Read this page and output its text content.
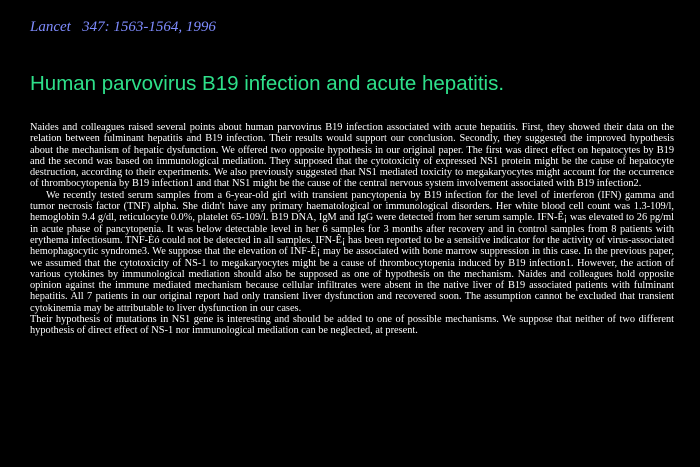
Lancet   347: 1563-1564, 1996
Human parvovirus B19 infection and acute hepatitis.

Naides and colleagues raised several points about human parvovirus B19 infection associated with acute hepatitis. First, they showed their data on the relation between fulminant hepatitis and B19 infection. Their results would support our conclusion. Secondly, they suggested the improved hypothesis about the mechanism of hepatic dysfunction. We offered two opposite hypothesis in our original paper. The first was direct effect on hepatocytes by B19 and the second was based on immunological mediation. They supposed that the cytotoxicity of expressed NS1 protein might be the cause of hepatocyte destruction, according to their experiments. We also previously suggested that NS1 mediated toxicity to megakaryocytes might account for the occurrence of thrombocytopenia by B19 infection1 and that NS1 might be the cause of the central nervous system involvement associated with B19 infection2.

We recently tested serum samples from a 6-year-old girl with transient pancytopenia by B19 infection for the level of interferon (IFN) gamma and tumor necrosis factor (TNF) alpha. She didn't have any primary haematological or immunological disorders. Her white blood cell count was 1.3-109/l, hemoglobin 9.4 g/dl, reticulocyte 0.0%, platelet 65-109/l. B19 DNA, IgM and IgG were detected from her serum sample. IFN-Ê¡ was elevated to 26 pg/ml in acute phase of pancytopenia. It was below detectable level in her 6 samples for 3 months after recovery and in control samples from 8 patients with erythema infectiosum. TNF-Èó could not be detected in all samples. IFN-Ê¡ has been reported to be a sensitive indicator for the activity of virus-associated hemophagocytic syndrome3. We suppose that the elevation of INF-Ê¡ may be associated with bone marrow suppression in this case. In the previous paper, we assumed that the cytotoxicity of NS-1 to megakaryocytes might be a cause of thrombocytopenia induced by B19 infection1. However, the action of various cytokines by immunological mediation should also be supposed as one of hypothesis on the mechanism. Naides and colleagues hold opposite opinion against the immune mediated mechanism because cellular infiltrates were absent in the native liver of B19 associated patients with fulminant hepatitis. All 7 patients in our original report had only transient liver dysfunction and recovered soon. The assumption cannot be excluded that transient cytokinemia may be attributable to liver dysfunction in our cases.

Their hypothesis of mutations in NS1 gene is interesting and should be added to one of possible mechanisms. We suppose that neither of two different hypothesis of direct effect of NS-1 nor immunological mediation can be neglected, at present.
